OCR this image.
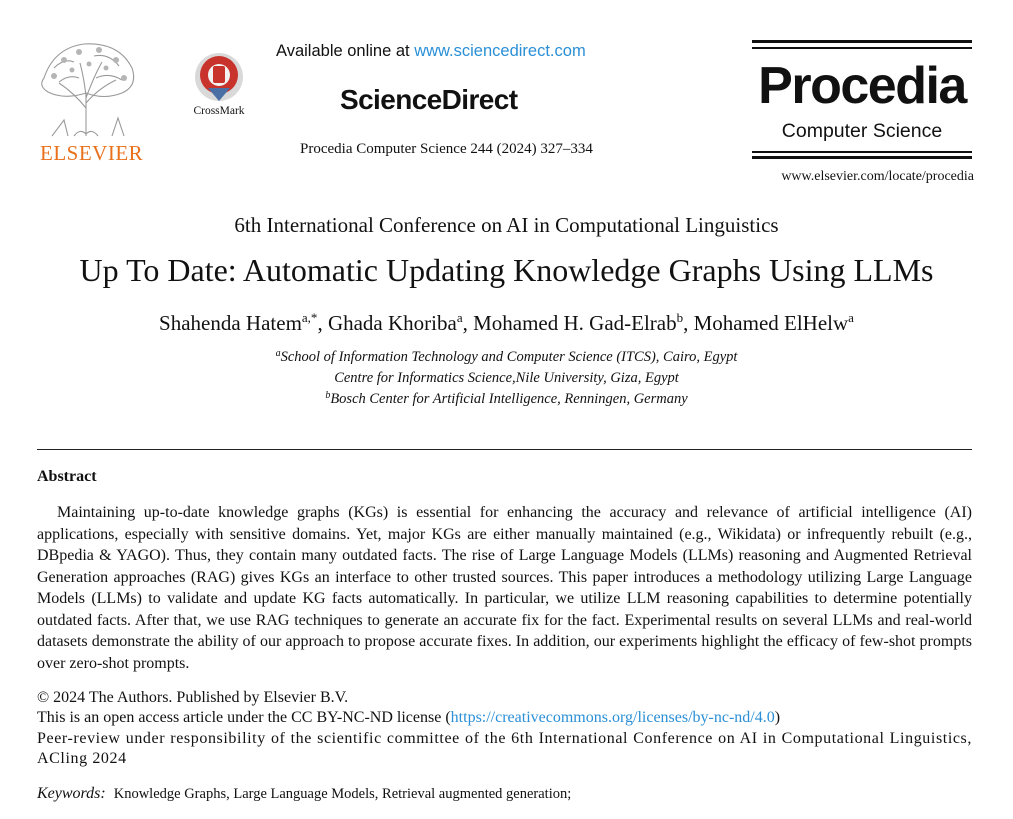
ELSEVIER
CrossMark
Available online at www.sciencedirect.com
ScienceDirect
Procedia Computer Science 244 (2024) 327–334
Procedia
Computer Science
www.elsevier.com/locate/procedia
6th International Conference on AI in Computational Linguistics
Up To Date: Automatic Updating Knowledge Graphs Using LLMs
Shahenda Hatem$^{a,*}$, Ghada Khoriba$^a$, Mohamed H. Gad-Elrab$^b$, Mohamed ElHelw$^a$
$^a$School of Information Technology and Computer Science (ITCS), Cairo, Egypt
Centre for Informatics Science,Nile University, Giza, Egypt
$^b$Bosch Center for Artificial Intelligence, Renningen, Germany
Abstract

Maintaining up-to-date knowledge graphs (KGs) is essential for enhancing the accuracy and relevance of artificial intelligence (AI) applications, especially with sensitive domains. Yet, major KGs are either manually maintained (e.g., Wikidata) or infrequently rebuilt (e.g., DBpedia & YAGO). Thus, they contain many outdated facts. The rise of Large Language Models (LLMs) reasoning and Augmented Retrieval Generation approaches (RAG) gives KGs an interface to other trusted sources. This paper introduces a methodology utilizing Large Language Models (LLMs) to validate and update KG facts automatically. In particular, we utilize LLM reasoning capabilities to determine potentially outdated facts. After that, we use RAG techniques to generate an accurate fix for the fact. Experimental results on several LLMs and real-world datasets demonstrate the ability of our approach to propose accurate fixes. In addition, our experiments highlight the efficacy of few-shot prompts over zero-shot prompts.

© 2024 The Authors. Published by Elsevier B.V.
This is an open access article under the CC BY-NC-ND license (https://creativecommons.org/licenses/by-nc-nd/4.0)
Peer-review under responsibility of the scientific committee of the 6th International Conference on AI in Computational Linguistics, ACling 2024
Keywords: Knowledge Graphs, Large Language Models, Retrieval augmented generation;
